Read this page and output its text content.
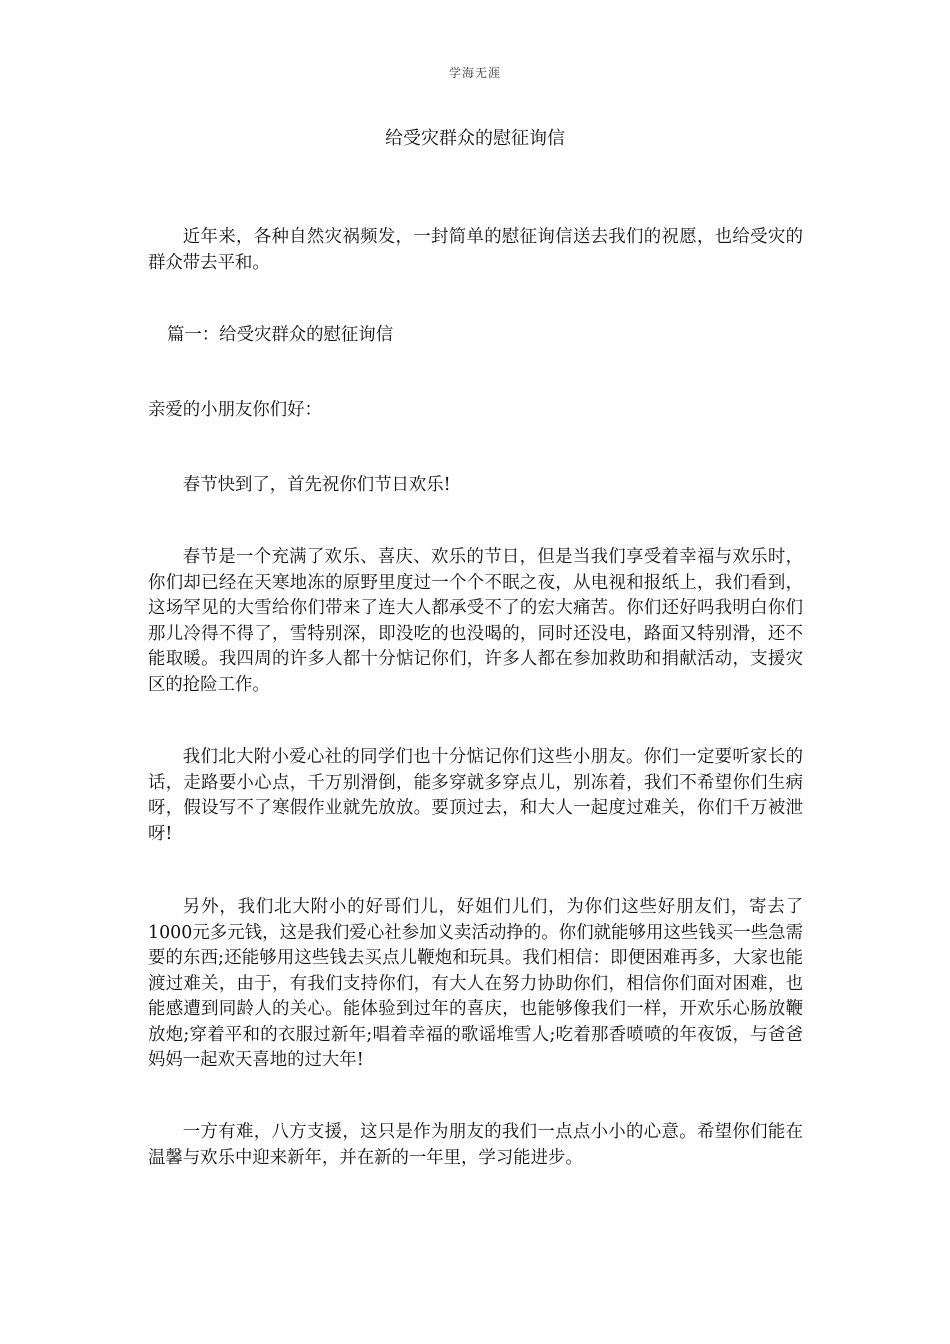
学海无涯
给受灾群众的慰征询信

近年来，各种自然灾祸频发，一封简单的慰征询信送去我们的祝愿，也给受灾的群众带去平和。

篇一：给受灾群众的慰征询信

亲爱的小朋友你们好：

春节快到了，首先祝你们节日欢乐!

春节是一个充满了欢乐、喜庆、欢乐的节日，但是当我们享受着幸福与欢乐时，你们却已经在天寒地冻的原野里度过一个个不眠之夜，从电视和报纸上，我们看到，这场罕见的大雪给你们带来了连大人都承受不了的宏大痛苦。你们还好吗我明白你们那儿冷得不得了，雪特别深，即没吃的也没喝的，同时还没电，路面又特别滑，还不能取暖。我四周的许多人都十分惦记你们，许多人都在参加救助和捐献活动，支援灾区的抢险工作。

我们北大附小爱心社的同学们也十分惦记你们这些小朋友。你们一定要听家长的话，走路要小心点，千万别滑倒，能多穿就多穿点儿，别冻着，我们不希望你们生病呀，假设写不了寒假作业就先放放。要顶过去，和大人一起度过难关，你们千万被泄呀!

另外，我们北大附小的好哥们儿，好姐们儿们，为你们这些好朋友们，寄去了1000元多元钱，这是我们爱心社参加义卖活动挣的。你们就能够用这些钱买一些急需要的东西;还能够用这些钱去买点儿鞭炮和玩具。我们相信：即便困难再多，大家也能渡过难关，由于，有我们支持你们，有大人在努力协助你们，相信你们面对困难，也能感遭到同龄人的关心。能体验到过年的喜庆，也能够像我们一样，开欢乐心肠放鞭放炮;穿着平和的衣服过新年;唱着幸福的歌谣堆雪人;吃着那香喷喷的年夜饭，与爸爸妈妈一起欢天喜地的过大年!

一方有难，八方支援，这只是作为朋友的我们一点点小小的心意。希望你们能在温馨与欢乐中迎来新年，并在新的一年里，学习能进步。
